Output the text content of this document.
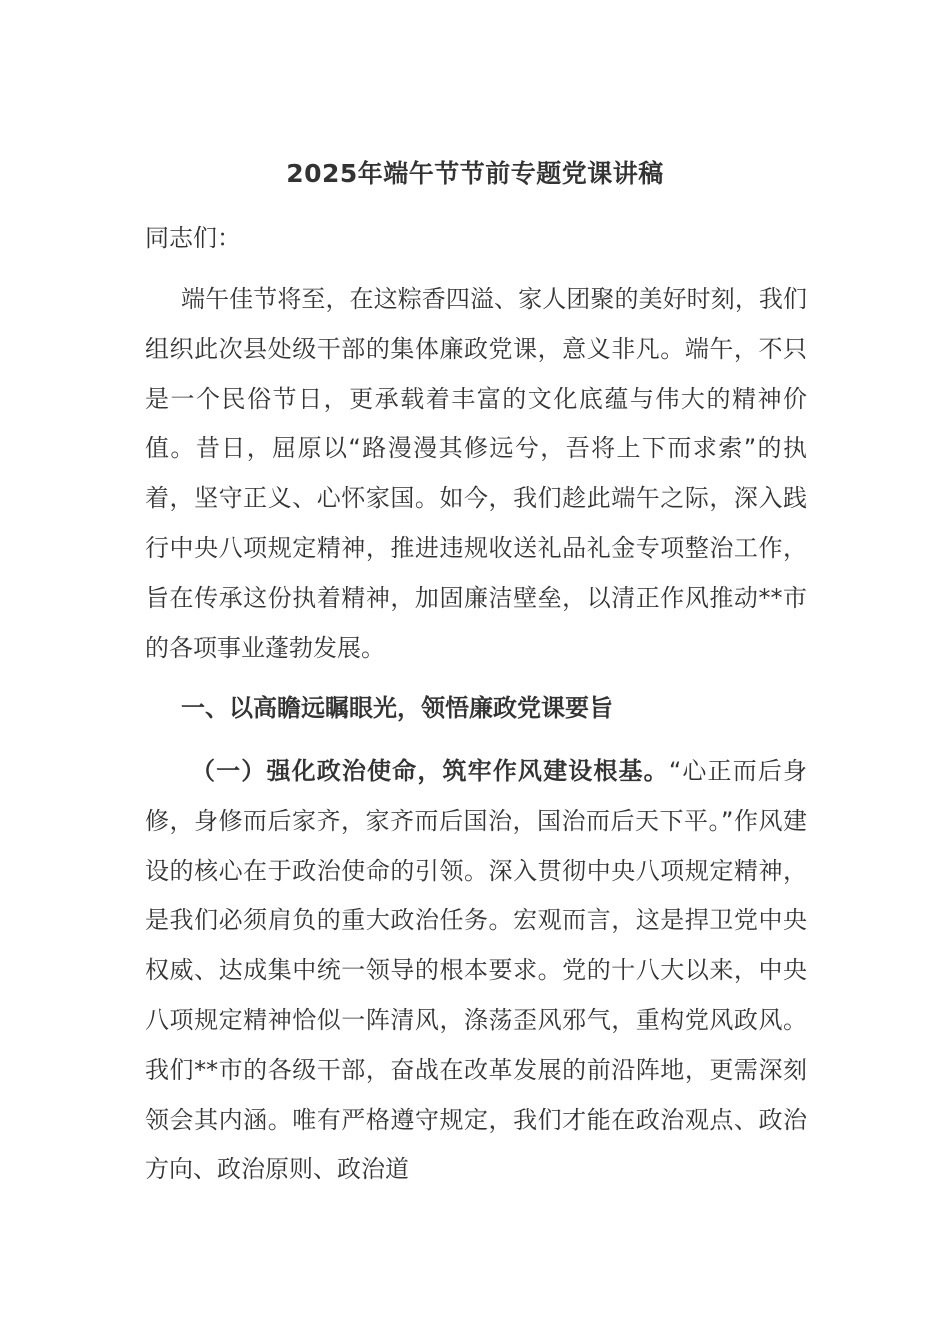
2025年端午节节前专题党课讲稿
同志们：

端午佳节将至，在这粽香四溢、家人团聚的美好时刻，我们组织此次县处级干部的集体廉政党课，意义非凡。端午，不只是一个民俗节日，更承载着丰富的文化底蕴与伟大的精神价值。昔日，屈原以“路漫漫其修远兮，吾将上下而求索”的执着，坚守正义、心怀家国。如今，我们趁此端午之际，深入践行中央八项规定精神，推进违规收送礼品礼金专项整治工作，旨在传承这份执着精神，加固廉洁壁垒，以清正作风推动**市的各项事业蓬勃发展。

一、以高瞻远瞩眼光，领悟廉政党课要旨

（一）强化政治使命，筑牢作风建设根基。“心正而后身修，身修而后家齐，家齐而后国治，国治而后天下平。”作风建设的核心在于政治使命的引领。深入贯彻中央八项规定精神，是我们必须肩负的重大政治任务。宏观而言，这是捍卫党中央权威、达成集中统一领导的根本要求。党的十八大以来，中央八项规定精神恰似一阵清风，涤荡歪风邪气，重构党风政风。我们**市的各级干部，奋战在改革发展的前沿阵地，更需深刻领会其内涵。唯有严格遵守规定，我们才能在政治观点、政治方向、政治原则、政治道
